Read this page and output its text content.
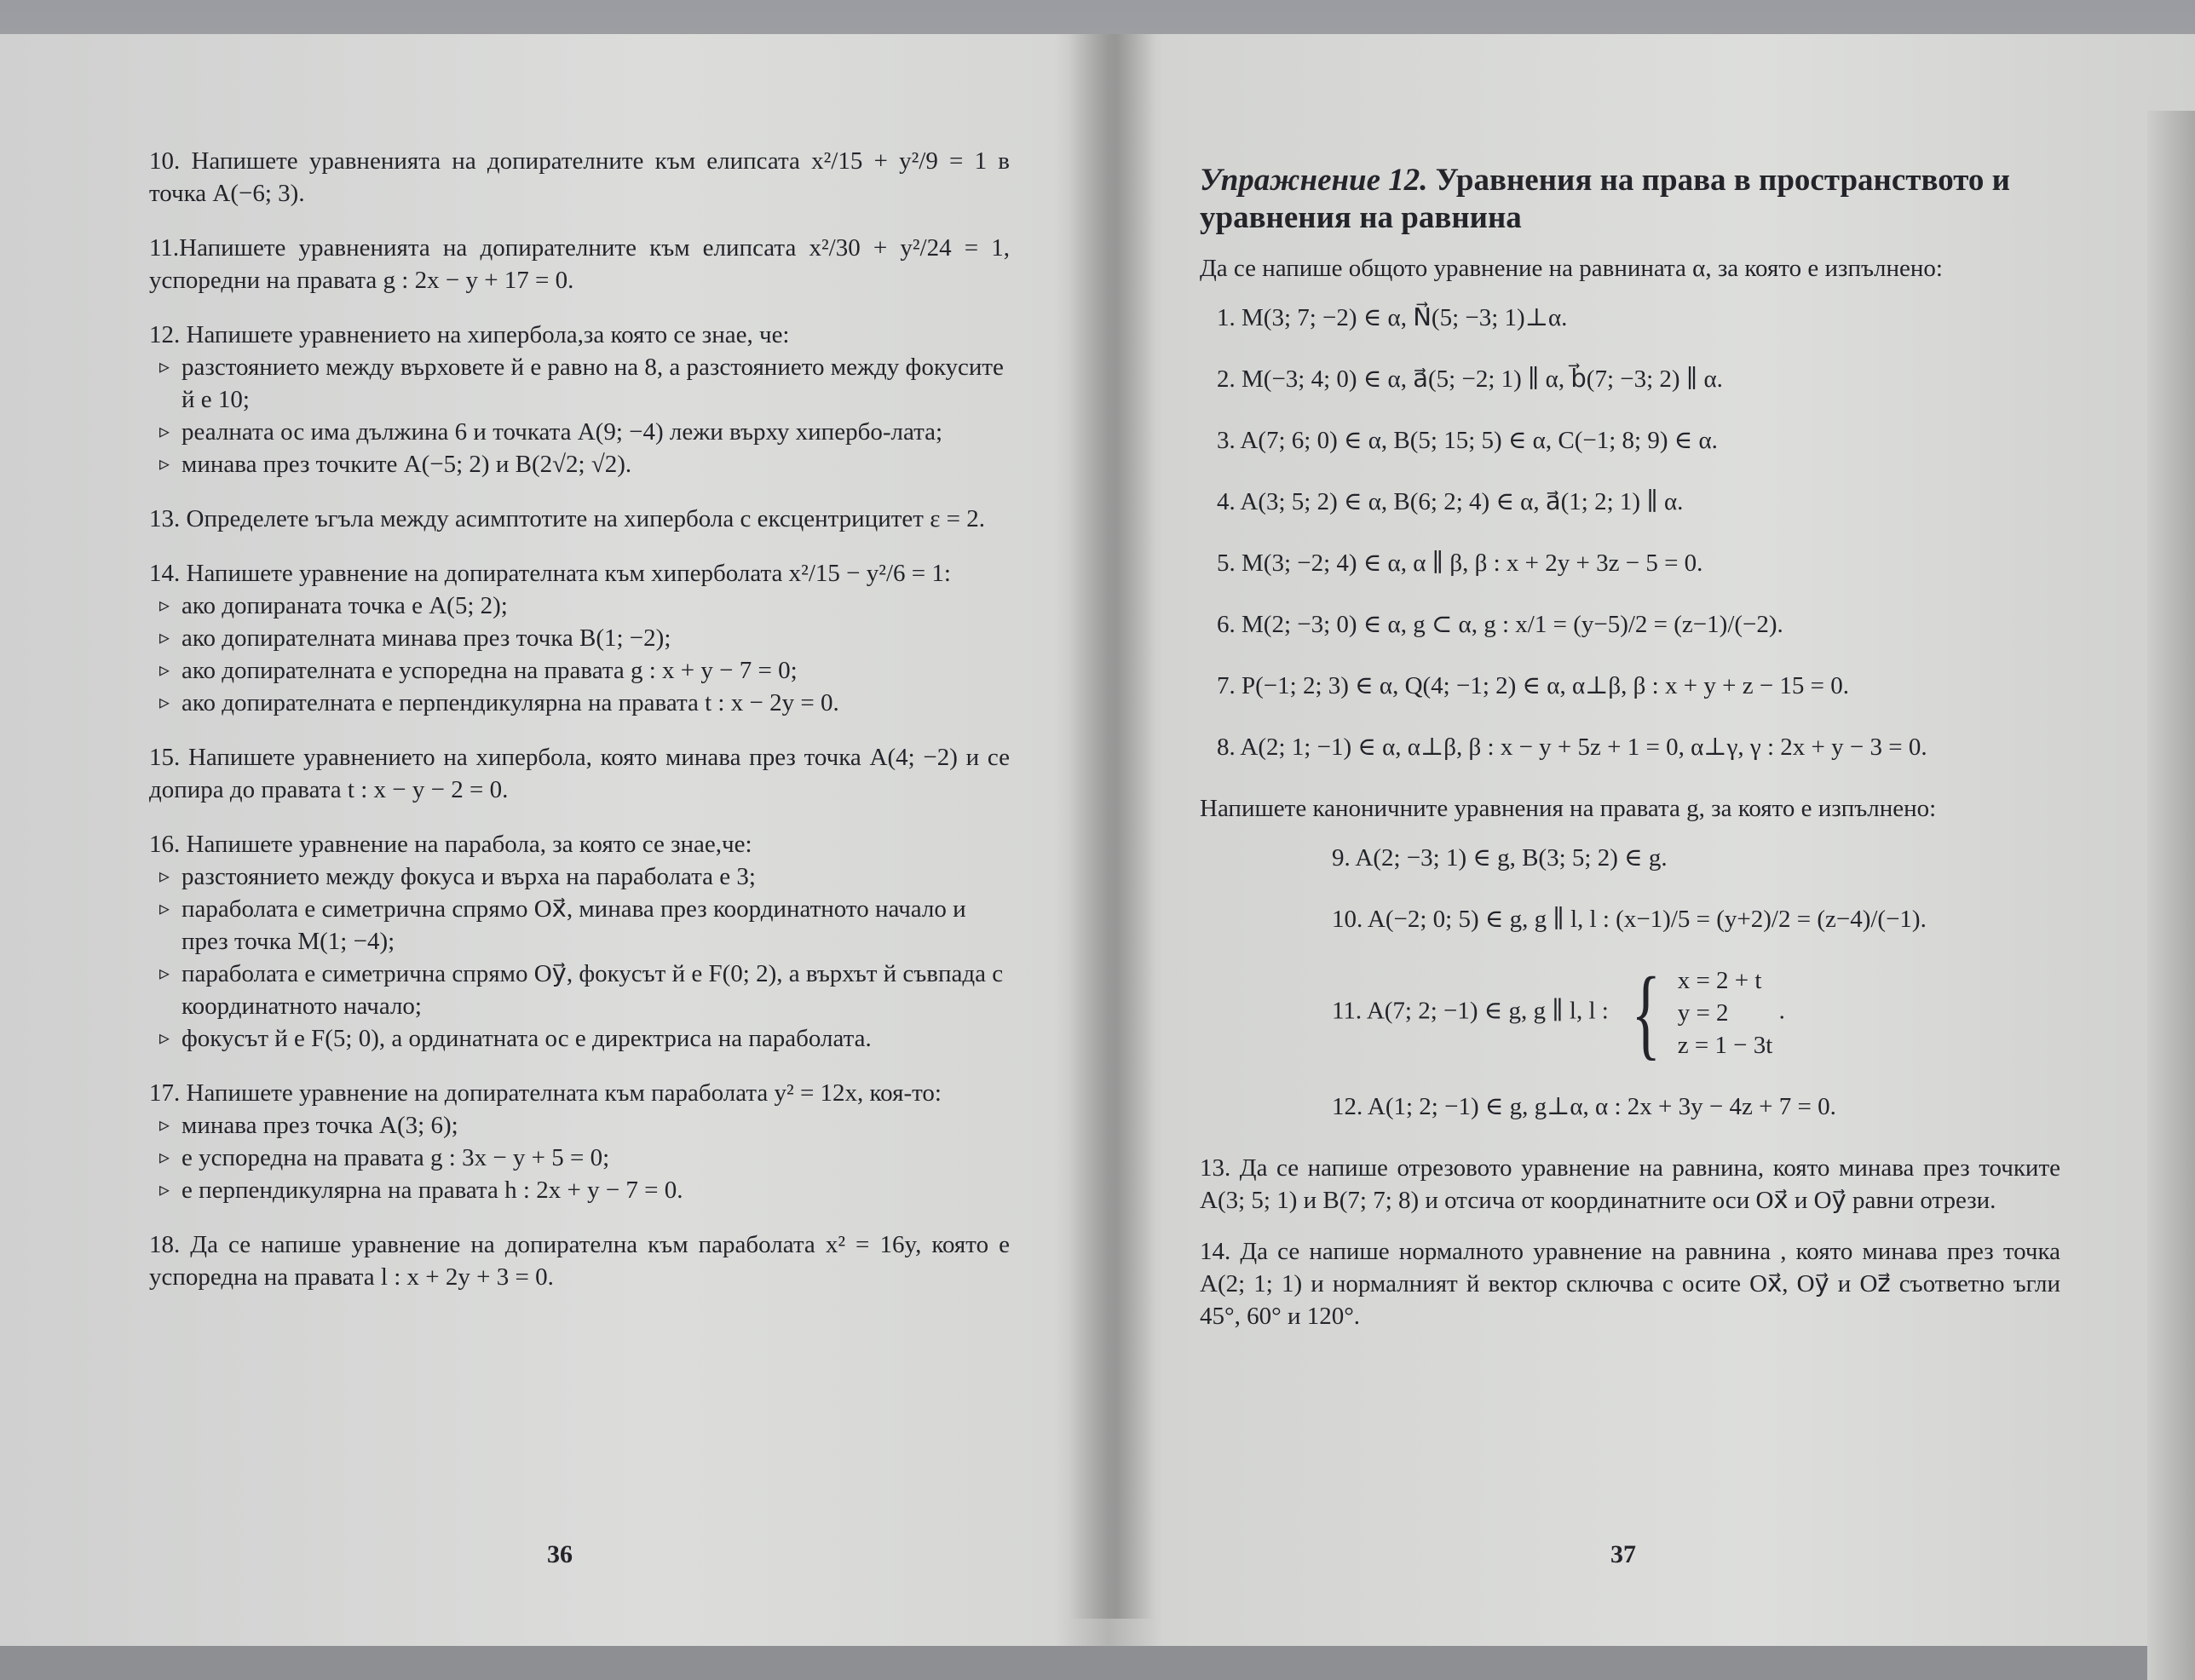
10. Напишете уравненията на допирателните към елипсата x²/15 + y²/9 = 1 в точка A(−6; 3).

11.Напишете уравненията на допирателните към елипсата x²/30 + y²/24 = 1, успоредни на правата g : 2x − y + 17 = 0.

12. Напишете уравнението на хипербола,за която се знае, че:

▹ разстоянието между върховете й е равно на 8, а разстоянието между фокусите й е 10;
▹ реалната ос има дължина 6 и точката A(9; −4) лежи върху хипербо-лата;
▹ минава през точките A(−5; 2) и B(2√2; √2).

13. Определете ъгъла между асимптотите на хипербола с ексцентрицитет ε = 2.

14. Напишете уравнение на допирателната към хиперболата x²/15 − y²/6 = 1:

▹ ако допираната точка е A(5; 2);
▹ ако допирателната минава през точка B(1; −2);
▹ ако допирателната е успоредна на правата g : x + y − 7 = 0;
▹ ако допирателната е перпендикулярна на правата t : x − 2y = 0.

15. Напишете уравнението на хипербола, която минава през точка A(4; −2) и се допира до правата t : x − y − 2 = 0.

16. Напишете уравнение на парабола, за която се знае,че:

▹ разстоянието между фокуса и върха на параболата е 3;
▹ параболата е симетрична спрямо Ox⃗, минава през координатното начало и през точка M(1; −4);
▹ параболата е симетрична спрямо Oy⃗, фокусът й е F(0; 2), а върхът й съвпада с координатното начало;
▹ фокусът й е F(5; 0), а ординатната ос е директриса на параболата.

17. Напишете уравнение на допирателната към параболата y² = 12x, коя-то:

▹ минава през точка A(3; 6);
▹ е успоредна на правата g : 3x − y + 5 = 0;
▹ е перпендикулярна на правата h : 2x + y − 7 = 0.

18. Да се напише уравнение на допирателна към параболата x² = 16y, която е успоредна на правата l : x + 2y + 3 = 0.

36
Упражнение 12. Уравнения на права в пространството и уравнения на равнина

Да се напише общото уравнение на равнината α, за която е изпълнено:

1. M(3; 7; −2) ∈ α, N⃗(5; −3; 1)⊥α.
2. M(−3; 4; 0) ∈ α, a⃗(5; −2; 1) ∥ α, b⃗(7; −3; 2) ∥ α.
3. A(7; 6; 0) ∈ α, B(5; 15; 5) ∈ α, C(−1; 8; 9) ∈ α.
4. A(3; 5; 2) ∈ α, B(6; 2; 4) ∈ α, a⃗(1; 2; 1) ∥ α.
5. M(3; −2; 4) ∈ α, α ∥ β, β : x + 2y + 3z − 5 = 0.
6. M(2; −3; 0) ∈ α, g ⊂ α, g : x/1 = (y−5)/2 = (z−1)/(−2).
7. P(−1; 2; 3) ∈ α, Q(4; −1; 2) ∈ α, α⊥β, β : x + y + z − 15 = 0.
8. A(2; 1; −1) ∈ α, α⊥β, β : x − y + 5z + 1 = 0, α⊥γ, γ : 2x + y − 3 = 0.

Напишете каноничните уравнения на правата g, за която е изпълнено:

9. A(2; −3; 1) ∈ g, B(3; 5; 2) ∈ g.
10. A(−2; 0; 5) ∈ g, g ∥ l, l : (x−1)/5 = (y+2)/2 = (z−4)/(−1).
11. A(7; 2; −1) ∈ g, g ∥ l, l : { x = 2 + t
y = 2
z = 1 − 3t
.
12. A(1; 2; −1) ∈ g, g⊥α, α : 2x + 3y − 4z + 7 = 0.

13. Да се напише отрезовото уравнение на равнина, която минава през точките A(3; 5; 1) и B(7; 7; 8) и отсича от координатните оси Ox⃗ и Oy⃗ равни отрези.

14. Да се напише нормалното уравнение на равнина , която минава през точка A(2; 1; 1) и нормалният й вектор сключва с осите Ox⃗, Oy⃗ и Oz⃗ съответно ъгли 45°, 60° и 120°.

37
